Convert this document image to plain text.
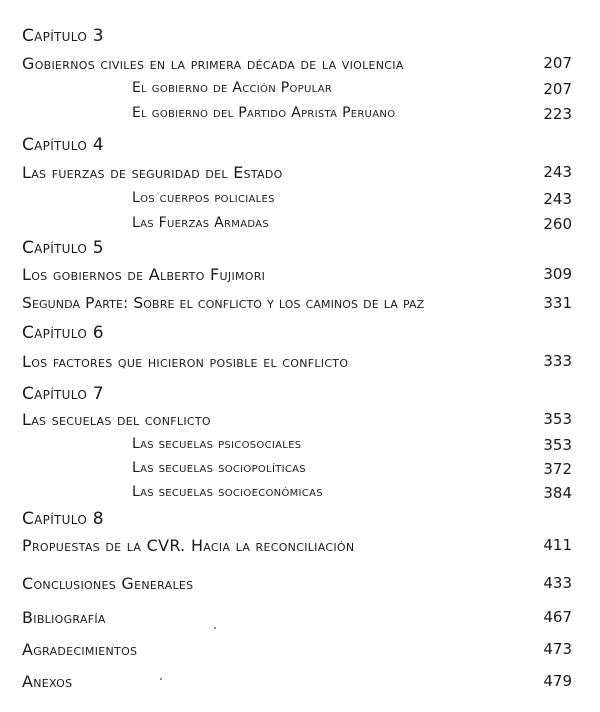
Capítulo 3
Gobiernos civiles en la primera década de la violencia	207
El gobierno de Acción Popular	207
El gobierno del Partido Aprista Peruano	223
Capítulo 4
Las fuerzas de seguridad del Estado	243
Los cuerpos policiales	243
Las Fuerzas Armadas	260
Capítulo 5
Los gobiernos de Alberto Fujimori	309
Segunda Parte: Sobre el conflicto y los caminos de la paz	331
Capítulo 6
Los factores que hicieron posible el conflicto	333
Capítulo 7
Las secuelas del conflicto	353
Las secuelas psicosociales	353
Las secuelas sociopolíticas	372
Las secuelas socioeconómicas	384
Capítulo 8
Propuestas de la CVR. Hacia la reconciliación	411
Conclusiones Generales	433
Bibliografía	467
Agradecimientos	473
Anexos	479
